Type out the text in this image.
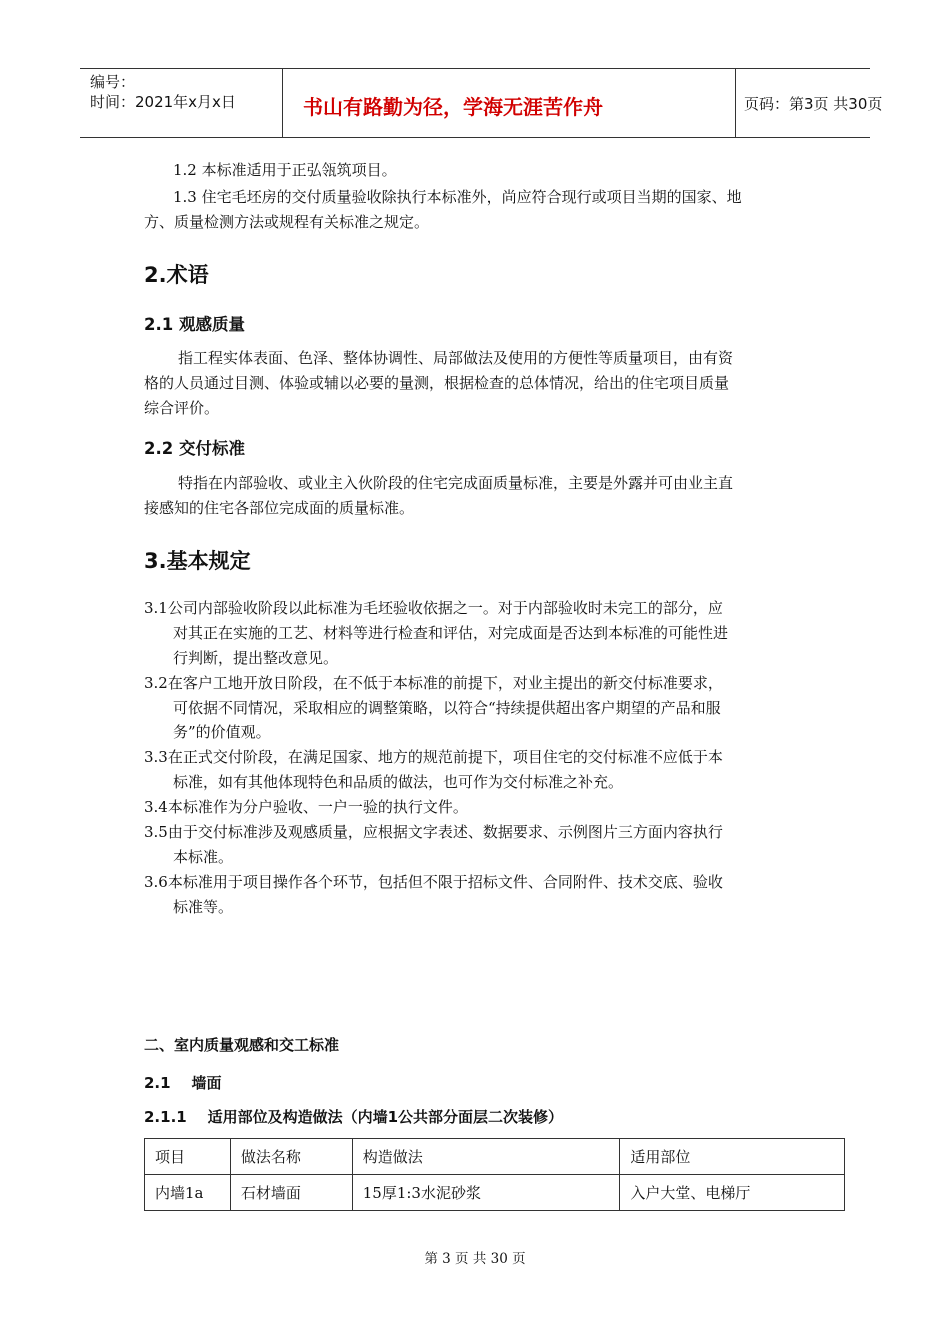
编号：
时间：2021年x月x日	书山有路勤为径，学海无涯苦作舟	页码：第3页 共30页
1.2 本标准适用于正弘瓴筑项目。
1.3 住宅毛坯房的交付质量验收除执行本标准外，尚应符合现行或项目当期的国家、地
方、质量检测方法或规程有关标准之规定。
2.术语
2.1 观感质量
指工程实体表面、色泽、整体协调性、局部做法及使用的方便性等质量项目，由有资
格的人员通过目测、体验或辅以必要的量测，根据检查的总体情况，给出的住宅项目质量
综合评价。
2.2 交付标准
特指在内部验收、或业主入伙阶段的住宅完成面质量标准，主要是外露并可由业主直
接感知的住宅各部位完成面的质量标准。
3.基本规定
3.1公司内部验收阶段以此标准为毛坯验收依据之一。对于内部验收时未完工的部分，应
对其正在实施的工艺、材料等进行检查和评估，对完成面是否达到本标准的可能性进
行判断，提出整改意见。
3.2在客户工地开放日阶段，在不低于本标准的前提下，对业主提出的新交付标准要求，
可依据不同情况，采取相应的调整策略，以符合“持续提供超出客户期望的产品和服
务”的价值观。
3.3在正式交付阶段，在满足国家、地方的规范前提下，项目住宅的交付标准不应低于本
标准，如有其他体现特色和品质的做法，也可作为交付标准之补充。
3.4本标准作为分户验收、一户一验的执行文件。
3.5由于交付标准涉及观感质量，应根据文字表述、数据要求、示例图片三方面内容执行
本标准。
3.6本标准用于项目操作各个环节，包括但不限于招标文件、合同附件、技术交底、验收
标准等。
二、室内质量观感和交工标准
2.1    墙面
2.1.1    适用部位及构造做法（内墙1公共部分面层二次装修）
项目	做法名称	构造做法	适用部位
内墙1a	石材墙面	15厚1:3水泥砂浆	入户大堂、电梯厅
第 3 页 共 30 页
